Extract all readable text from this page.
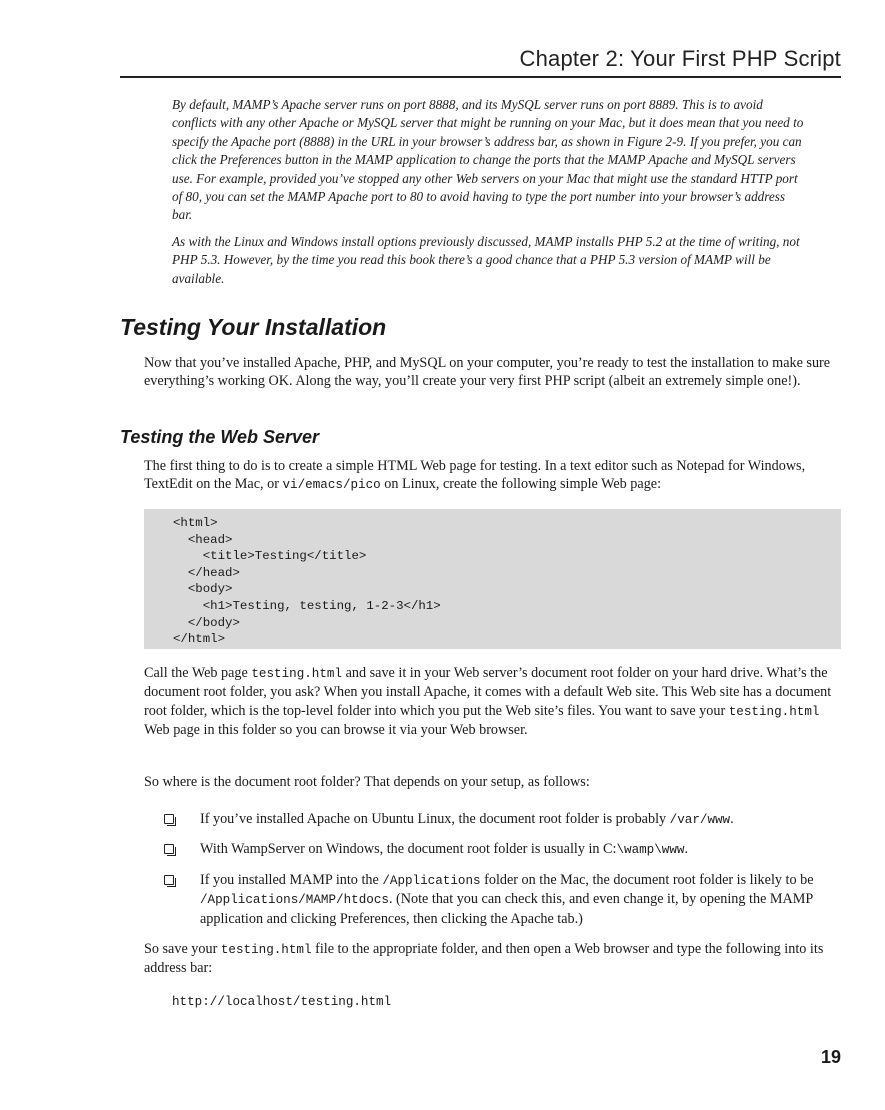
Chapter 2: Your First PHP Script

By default, MAMP’s Apache server runs on port 8888, and its MySQL server runs on port 8889. This is to avoid conflicts with any other Apache or MySQL server that might be running on your Mac, but it does mean that you need to specify the Apache port (8888) in the URL in your browser’s address bar, as shown in Figure 2-9. If you prefer, you can click the Preferences button in the MAMP application to change the ports that the MAMP Apache and MySQL servers use. For example, provided you’ve stopped any other Web servers on your Mac that might use the standard HTTP port of 80, you can set the MAMP Apache port to 80 to avoid having to type the port number into your browser’s address bar.

As with the Linux and Windows install options previously discussed, MAMP installs PHP 5.2 at the time of writing, not PHP 5.3. However, by the time you read this book there’s a good chance that a PHP 5.3 version of MAMP will be available.

Testing Your Installation

Now that you’ve installed Apache, PHP, and MySQL on your computer, you’re ready to test the installation to make sure everything’s working OK. Along the way, you’ll create your very first PHP script (albeit an extremely simple one!).

Testing the Web Server

The first thing to do is to create a simple HTML Web page for testing. In a text editor such as Notepad for Windows, TextEdit on the Mac, or vi/emacs/pico on Linux, create the following simple Web page:

<html>
<head>
<title>Testing</title>
</head>
<body>
<h1>Testing, testing, 1-2-3</h1>
</body>
</html>

Call the Web page testing.html and save it in your Web server’s document root folder on your hard drive. What’s the document root folder, you ask? When you install Apache, it comes with a default Web site. This Web site has a document root folder, which is the top-level folder into which you put the Web site’s files. You want to save your testing.html Web page in this folder so you can browse it via your Web browser.

So where is the document root folder? That depends on your setup, as follows:

If you’ve installed Apache on Ubuntu Linux, the document root folder is probably /var/www.
With WampServer on Windows, the document root folder is usually in C:\wamp\www.
If you installed MAMP into the /Applications folder on the Mac, the document root folder is likely to be /Applications/MAMP/htdocs. (Note that you can check this, and even change it, by opening the MAMP application and clicking Preferences, then clicking the Apache tab.)

So save your testing.html file to the appropriate folder, and then open a Web browser and type the following into its address bar:

http://localhost/testing.html
19
